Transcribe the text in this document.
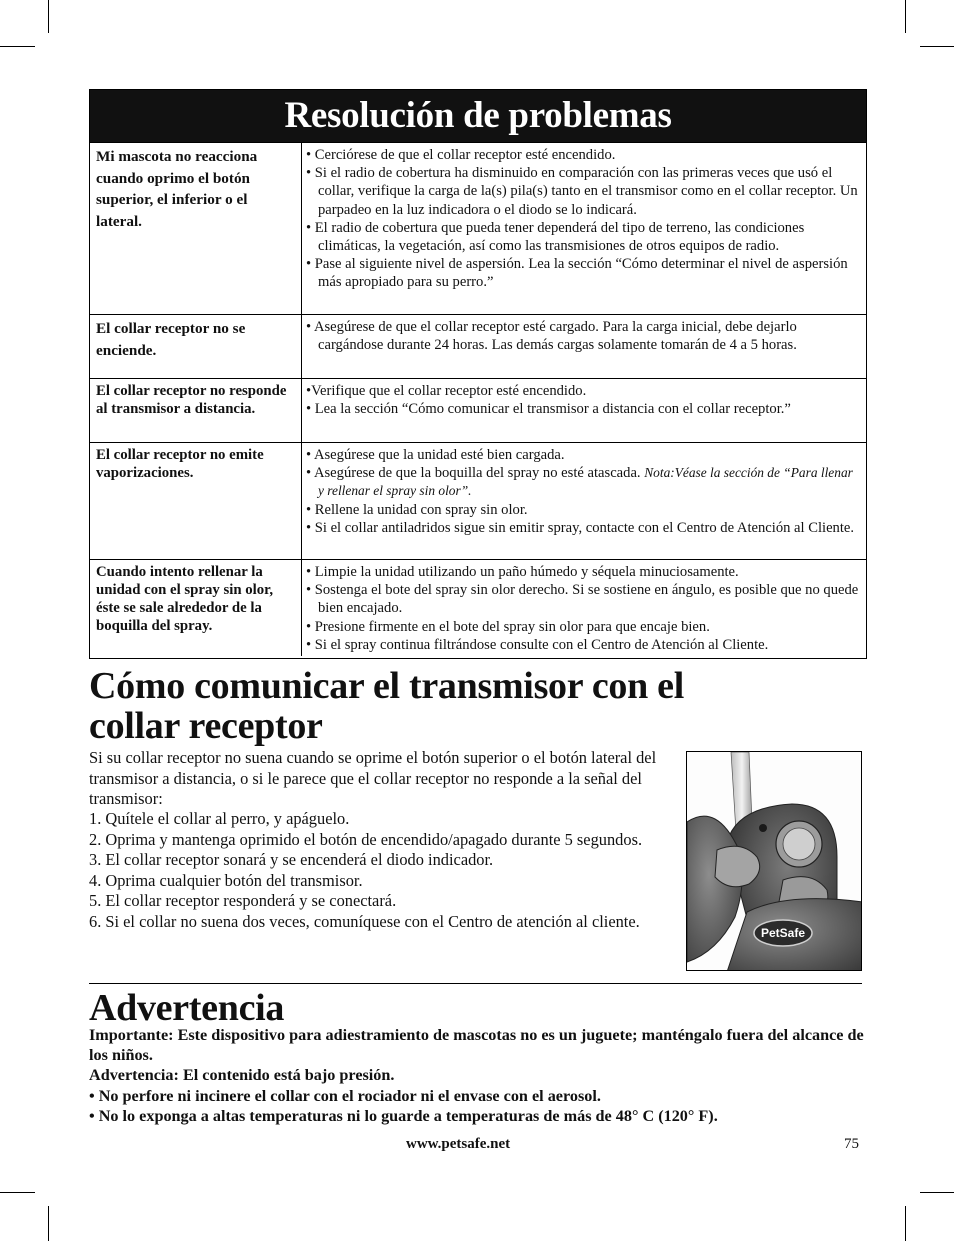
Resolución de problemas
Mi mascota no reacciona cuando oprimo el botón superior, el inferior o el lateral.
• Cerciórese de que el collar receptor esté encendido.
• Si el radio de cobertura ha disminuido en comparación con las primeras veces que usó el collar, verifique la carga de la(s) pila(s) tanto en el transmisor como en el collar receptor. Un parpadeo en la luz indicadora o el diodo se lo indicará.
• El radio de cobertura que pueda tener dependerá del tipo de terreno, las condiciones climáticas, la vegetación, así como las transmisiones de otros equipos de radio.
• Pase al siguiente nivel de aspersión. Lea la sección “Cómo determinar el nivel de aspersión más apropiado para su perro.”
El collar receptor no se enciende.
• Asegúrese de que el collar receptor esté cargado. Para la carga inicial, debe dejarlo cargándose durante 24 horas. Las demás cargas solamente tomarán de 4 a 5 horas.
El collar receptor no responde al transmisor a distancia.
•Verifique que el collar receptor esté encendido.
• Lea la sección “Cómo comunicar el transmisor a distancia con el collar receptor.”
El collar receptor no emite vaporizaciones.
• Asegúrese que la unidad esté bien cargada.
• Asegúrese de que la boquilla del spray no esté atascada. Nota:Véase la sección de “Para llenar y rellenar el spray sin olor”.
• Rellene la unidad con spray sin olor.
• Si el collar antiladridos sigue sin emitir spray, contacte con el Centro de Atención al Cliente.
Cuando intento rellenar la unidad con el spray sin olor, éste se sale alrededor de la boquilla del spray.
• Limpie la unidad utilizando un paño húmedo y séquela minuciosamente.
• Sostenga el bote del spray sin olor derecho. Si se sostiene en ángulo, es posible que no quede bien encajado.
• Presione firmente en el bote del spray sin olor para que encaje bien.
• Si el spray continua filtrándose consulte con el Centro de Atención al Cliente.
Cómo comunicar el transmisor con el
collar receptor
Si su collar receptor no suena cuando se oprime el botón superior o el botón lateral del transmisor a distancia, o si le parece que el collar receptor no responde a la señal del transmisor:
1. Quítele el collar al perro, y apáguelo.
2. Oprima y mantenga oprimido el botón de encendido/apagado durante 5 segundos.
3. El collar receptor sonará y se encenderá el diodo indicador.
4. Oprima cualquier botón del transmisor.
5. El collar receptor responderá y se conectará.
6. Si el collar no suena dos veces, comuníquese con el Centro de atención al cliente.
PetSafe
Advertencia
Importante: Este dispositivo para adiestramiento de mascotas no es un juguete; manténgalo fuera del alcance de los niños.
Advertencia: El contenido está bajo presión.
• No perfore ni incinere el collar con el rociador ni el envase con el aerosol.
• No lo exponga a altas temperaturas ni lo guarde a temperaturas de más de 48° C (120° F).
www.petsafe.net	75
